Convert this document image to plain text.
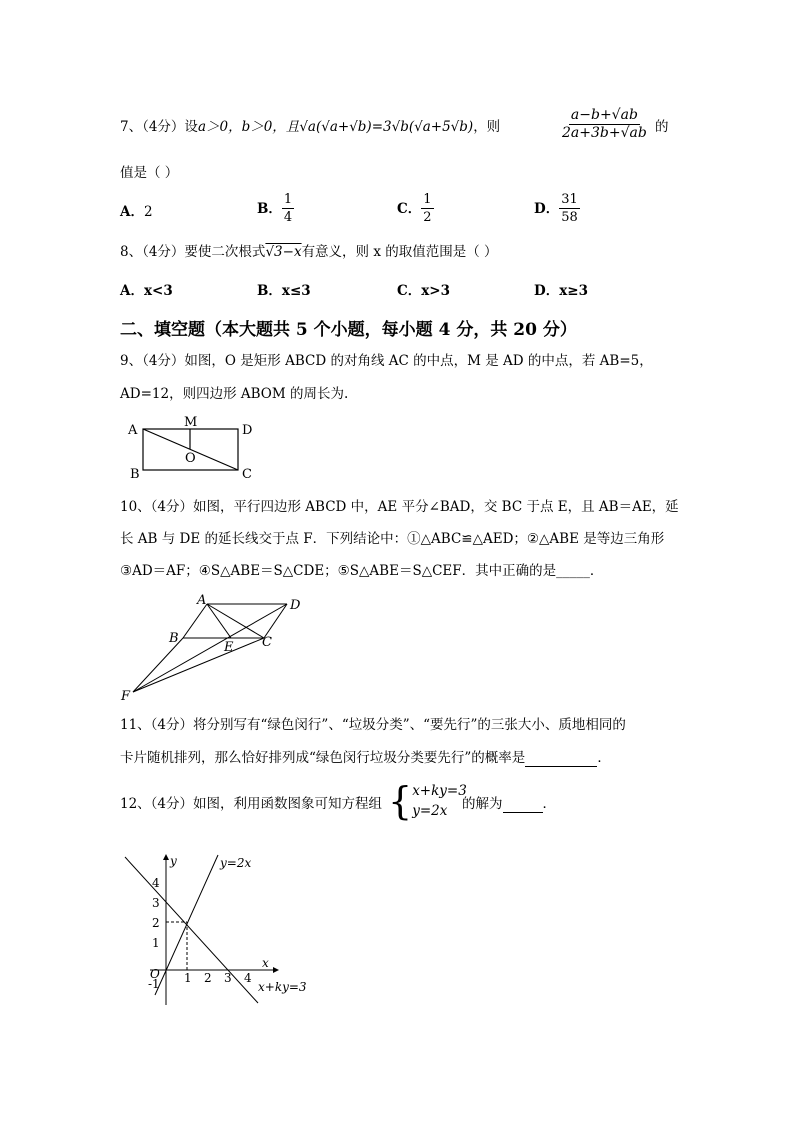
7、（4分）设a＞0，b＞0，且√a(√a+√b)=3√b(√a+5√b)，则	$\frac{a-b+√ab}{2a+3b+√ab}$ 的
值是（ ）
A．2	B． $\frac{1}{4}$	C． $\frac{1}{2}$	D． $\frac{31}{58}$
8、（4分）要使二次根式√3−x有意义，则 x 的取值范围是（ ）
A．x<3	B．x≤3	C．x>3	D．x≥3
二、填空题（本大题共 5 个小题，每小题 4 分，共 20 分）
9、（4分）如图，O 是矩形 ABCD 的对角线 AC 的中点，M 是 AD 的中点，若 AB=5，
AD=12，则四边形 ABOM 的周长为.
A
M
D
O
B	C
10、（4分）如图，平行四边形 ABCD 中，AE 平分∠BAD，交 BC 于点 E，且 AB＝AE，延
长 AB 与 DE 的延长线交于点 F．下列结论中：①△ABC≌△AED；②△ABE 是等边三角形
③AD＝AF；④S△ABE＝S△CDE；⑤S△ABE＝S△CEF．其中正确的是_____．
A	D
B
E C
F
11、（4分）将分别写有“绿色闵行”、“垃圾分类”、“要先行”的三张大小、质地相同的
卡片随机排列，那么恰好排列成“绿色闵行垃圾分类要先行”的概率是	．
12、（4分）如图，利用函数图象可知方程组 { x+ky=3
y=2x	的解为	．
y
x
O
-1 1 2 3 4
1
2
3
4
y=2x
x+ky=3
